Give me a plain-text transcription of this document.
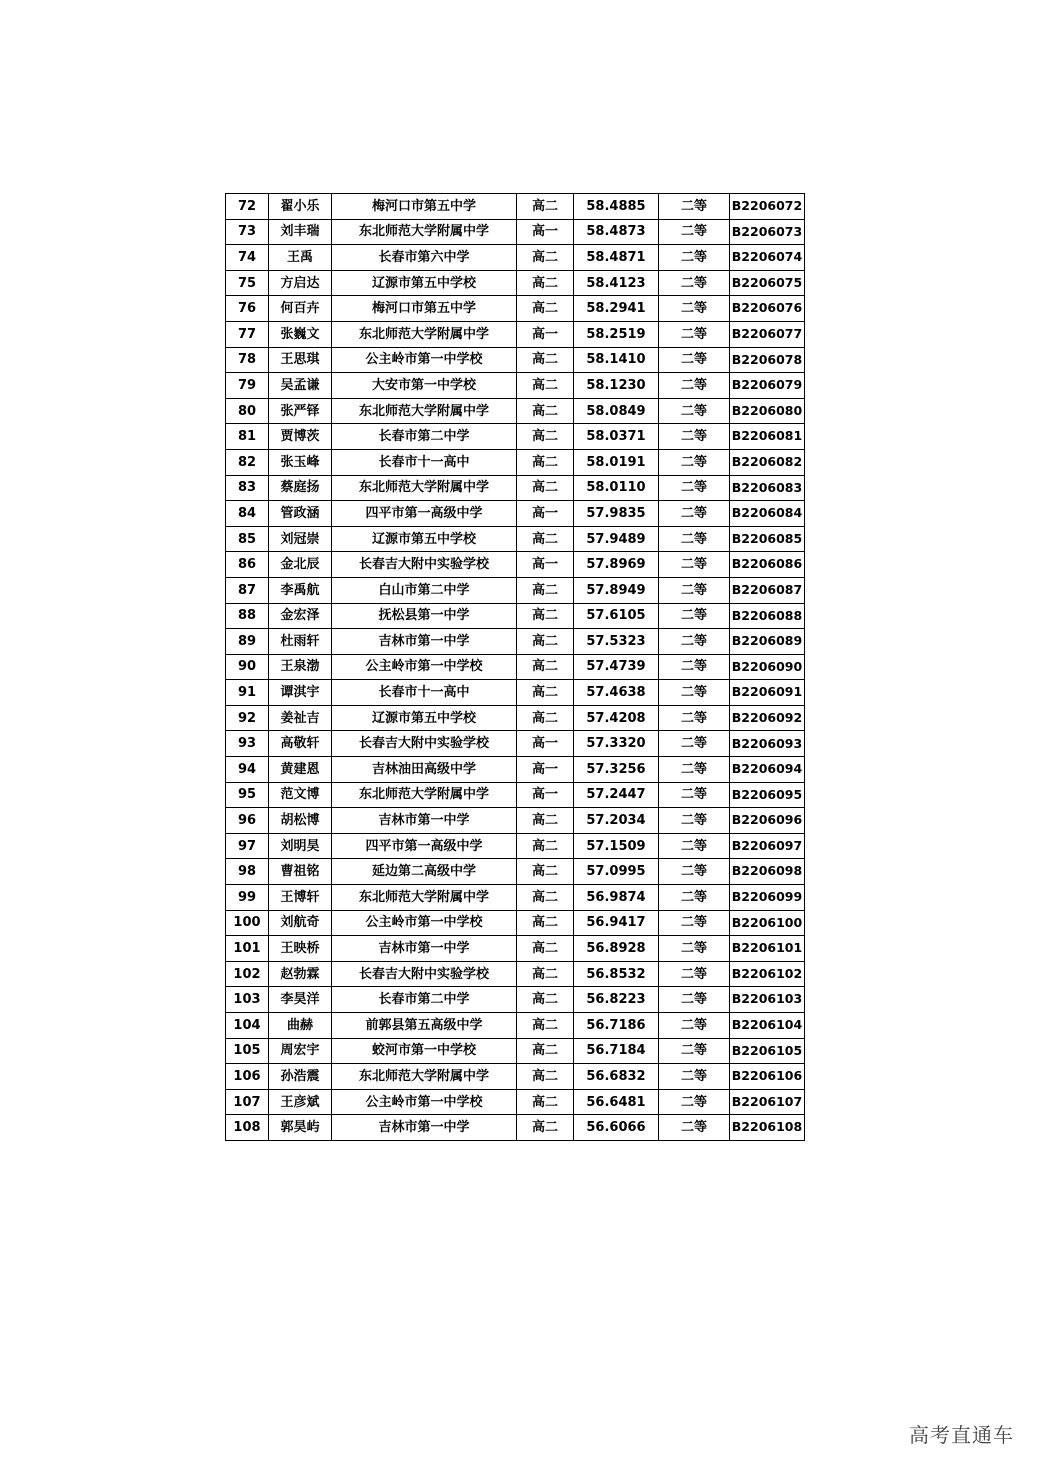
72	翟小乐	梅河口市第五中学	高二	58.4885	二等	B2206072
73	刘丰瑞	东北师范大学附属中学	高一	58.4873	二等	B2206073
74	王禹	长春市第六中学	高二	58.4871	二等	B2206074
75	方启达	辽源市第五中学校	高二	58.4123	二等	B2206075
76	何百卉	梅河口市第五中学	高二	58.2941	二等	B2206076
77	张巍文	东北师范大学附属中学	高一	58.2519	二等	B2206077
78	王思琪	公主岭市第一中学校	高二	58.1410	二等	B2206078
79	吴孟谦	大安市第一中学校	高二	58.1230	二等	B2206079
80	张严铎	东北师范大学附属中学	高二	58.0849	二等	B2206080
81	贾博茨	长春市第二中学	高二	58.0371	二等	B2206081
82	张玉峰	长春市十一高中	高二	58.0191	二等	B2206082
83	蔡庭扬	东北师范大学附属中学	高二	58.0110	二等	B2206083
84	管政涵	四平市第一高级中学	高一	57.9835	二等	B2206084
85	刘冠崇	辽源市第五中学校	高二	57.9489	二等	B2206085
86	金北辰	长春吉大附中实验学校	高一	57.8969	二等	B2206086
87	李禹航	白山市第二中学	高二	57.8949	二等	B2206087
88	金宏泽	抚松县第一中学	高二	57.6105	二等	B2206088
89	杜雨轩	吉林市第一中学	高二	57.5323	二等	B2206089
90	王泉渤	公主岭市第一中学校	高二	57.4739	二等	B2206090
91	谭淇宇	长春市十一高中	高二	57.4638	二等	B2206091
92	姜祉吉	辽源市第五中学校	高二	57.4208	二等	B2206092
93	高敬轩	长春吉大附中实验学校	高一	57.3320	二等	B2206093
94	黄建恩	吉林油田高级中学	高一	57.3256	二等	B2206094
95	范文博	东北师范大学附属中学	高一	57.2447	二等	B2206095
96	胡松博	吉林市第一中学	高二	57.2034	二等	B2206096
97	刘明昊	四平市第一高级中学	高二	57.1509	二等	B2206097
98	曹祖铭	延边第二高级中学	高二	57.0995	二等	B2206098
99	王博轩	东北师范大学附属中学	高二	56.9874	二等	B2206099
100	刘航奇	公主岭市第一中学校	高二	56.9417	二等	B2206100
101	王映桥	吉林市第一中学	高二	56.8928	二等	B2206101
102	赵勃霖	长春吉大附中实验学校	高二	56.8532	二等	B2206102
103	李昊洋	长春市第二中学	高二	56.8223	二等	B2206103
104	曲赫	前郭县第五高级中学	高二	56.7186	二等	B2206104
105	周宏宇	蛟河市第一中学校	高二	56.7184	二等	B2206105
106	孙浩震	东北师范大学附属中学	高二	56.6832	二等	B2206106
107	王彦斌	公主岭市第一中学校	高二	56.6481	二等	B2206107
108	郭昊屿	吉林市第一中学	高二	56.6066	二等	B2206108
高考直通车
